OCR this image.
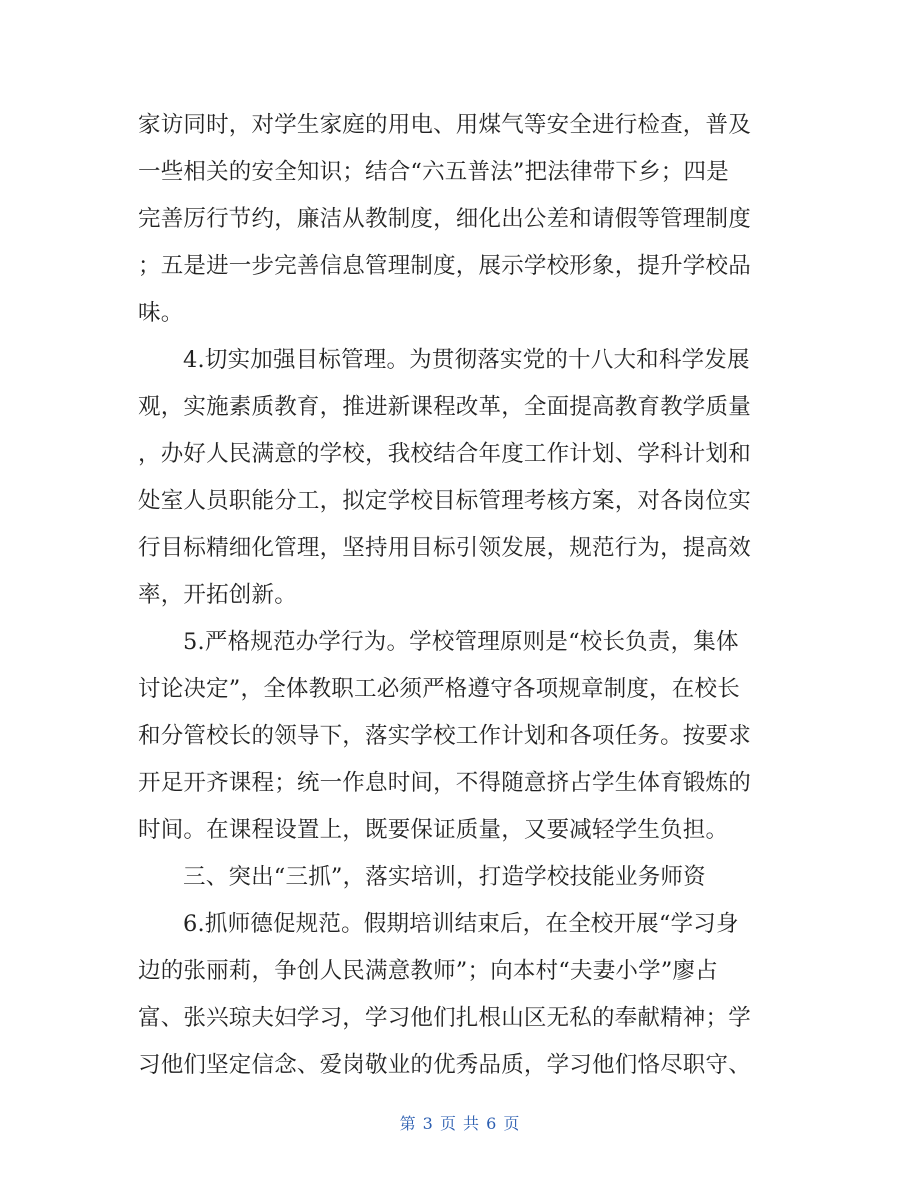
家访同时，对学生家庭的用电、用煤气等安全进行检查，普及
一些相关的安全知识；结合“六五普法”把法律带下乡；四是
完善厉行节约，廉洁从教制度，细化出公差和请假等管理制度
；五是进一步完善信息管理制度，展示学校形象，提升学校品
味。
4.切实加强目标管理。为贯彻落实党的十八大和科学发展
观，实施素质教育，推进新课程改革，全面提高教育教学质量
，办好人民满意的学校，我校结合年度工作计划、学科计划和
处室人员职能分工，拟定学校目标管理考核方案，对各岗位实
行目标精细化管理，坚持用目标引领发展，规范行为，提高效
率，开拓创新。
5.严格规范办学行为。学校管理原则是“校长负责，集体
讨论决定”，全体教职工必须严格遵守各项规章制度，在校长
和分管校长的领导下，落实学校工作计划和各项任务。按要求
开足开齐课程；统一作息时间，不得随意挤占学生体育锻炼的
时间。在课程设置上，既要保证质量，又要减轻学生负担。
三、突出“三抓”，落实培训，打造学校技能业务师资
6.抓师德促规范。假期培训结束后，在全校开展“学习身
边的张丽莉，争创人民满意教师”；向本村“夫妻小学”廖占
富、张兴琼夫妇学习，学习他们扎根山区无私的奉献精神；学
习他们坚定信念、爱岗敬业的优秀品质，学习他们恪尽职守、
第 3 页 共 6 页
